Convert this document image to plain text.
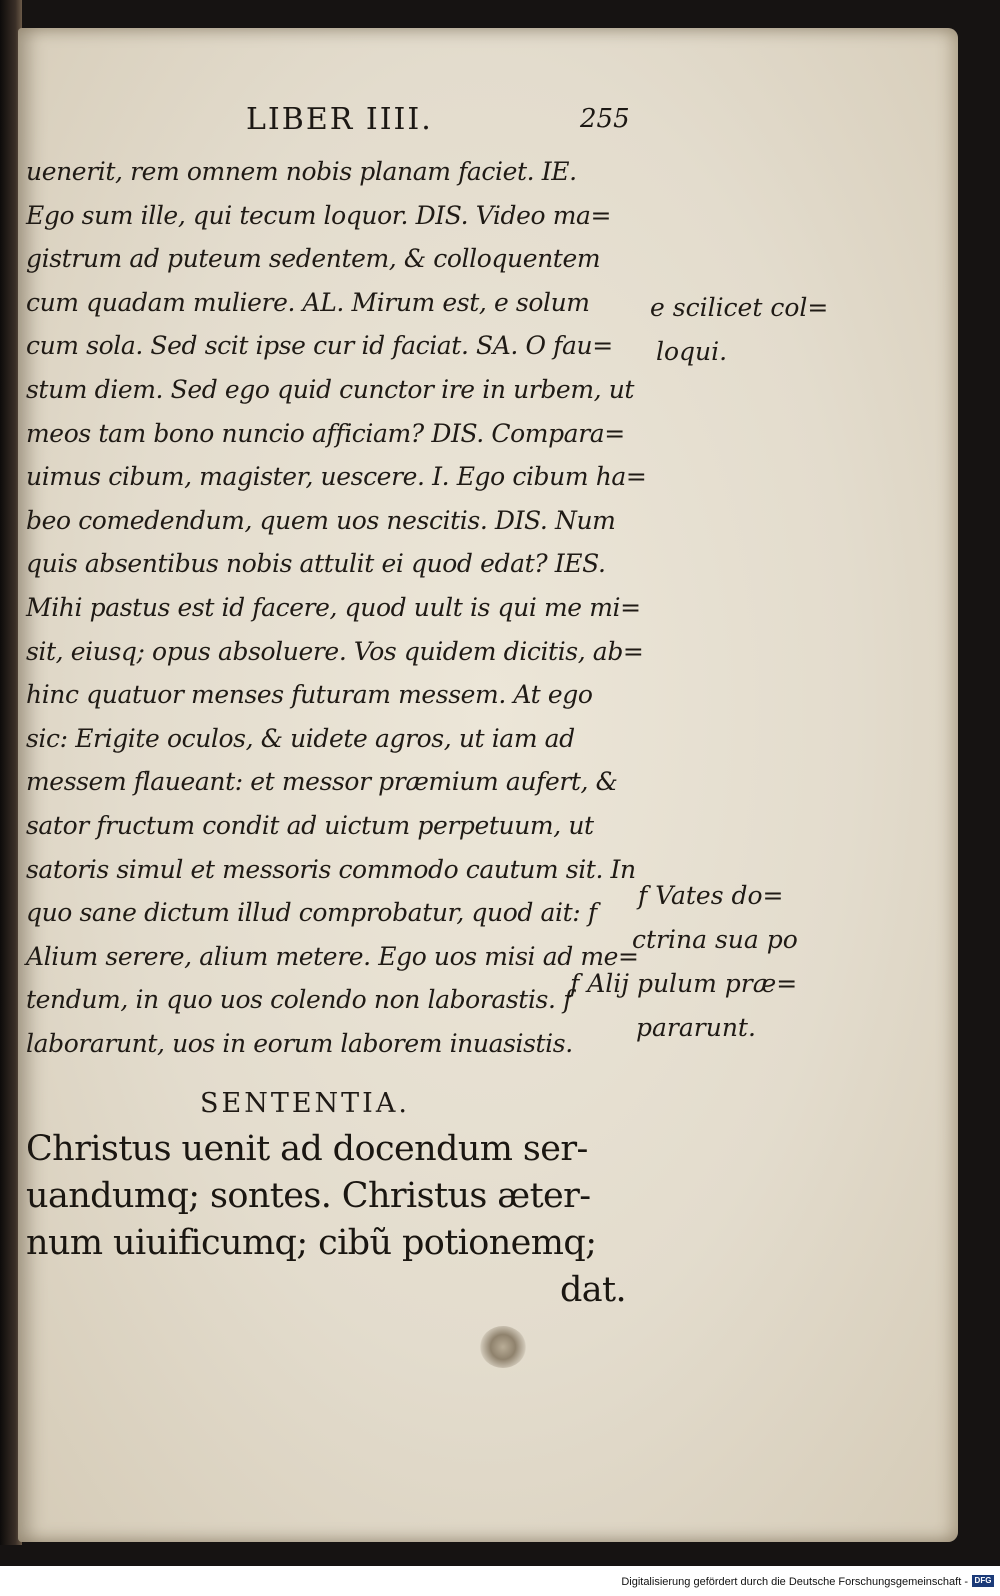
LIBER IIII.	255
uenerit, rem omnem nobis planam faciet. IE.
Ego sum ille, qui tecum loquor. DIS. Video ma=
gistrum ad puteum sedentem, & colloquentem
cum quadam muliere. AL. Mirum est, e solum
cum sola. Sed scit ipse cur id faciat. SA. O fau=
stum diem. Sed ego quid cunctor ire in urbem, ut
meos tam bono nuncio afficiam? DIS. Compara=
uimus cibum, magister, uescere. I. Ego cibum ha=
beo comedendum, quem uos nescitis. DIS. Num
quis absentibus nobis attulit ei quod edat? IES.
Mihi pastus est id facere, quod uult is qui me mi=
sit, eiusq; opus absoluere. Vos quidem dicitis, ab=
hinc quatuor menses futuram messem. At ego
sic: Erigite oculos, & uidete agros, ut iam ad
messem flaueant: et messor præmium aufert, &
sator fructum condit ad uictum perpetuum, ut
satoris simul et messoris commodo cautum sit. In
quo sane dictum illud comprobatur, quod ait: f
Alium serere, alium metere. Ego uos misi ad me=
tendum, in quo uos colendo non laborastis. f
laborarunt, uos in eorum laborem inuasistis.
e scilicet col=
loqui.
f Vates do=
ctrina sua po
f Alij pulum præ=
pararunt.
SENTENTIA.
Christus uenit ad docendum ser-
uandumq; sontes. Christus æter-
num uiuificumq; cibũ potionemq;
dat.
Digitalisierung gefördert durch die Deutsche Forschungsgemeinschaft - DFG
